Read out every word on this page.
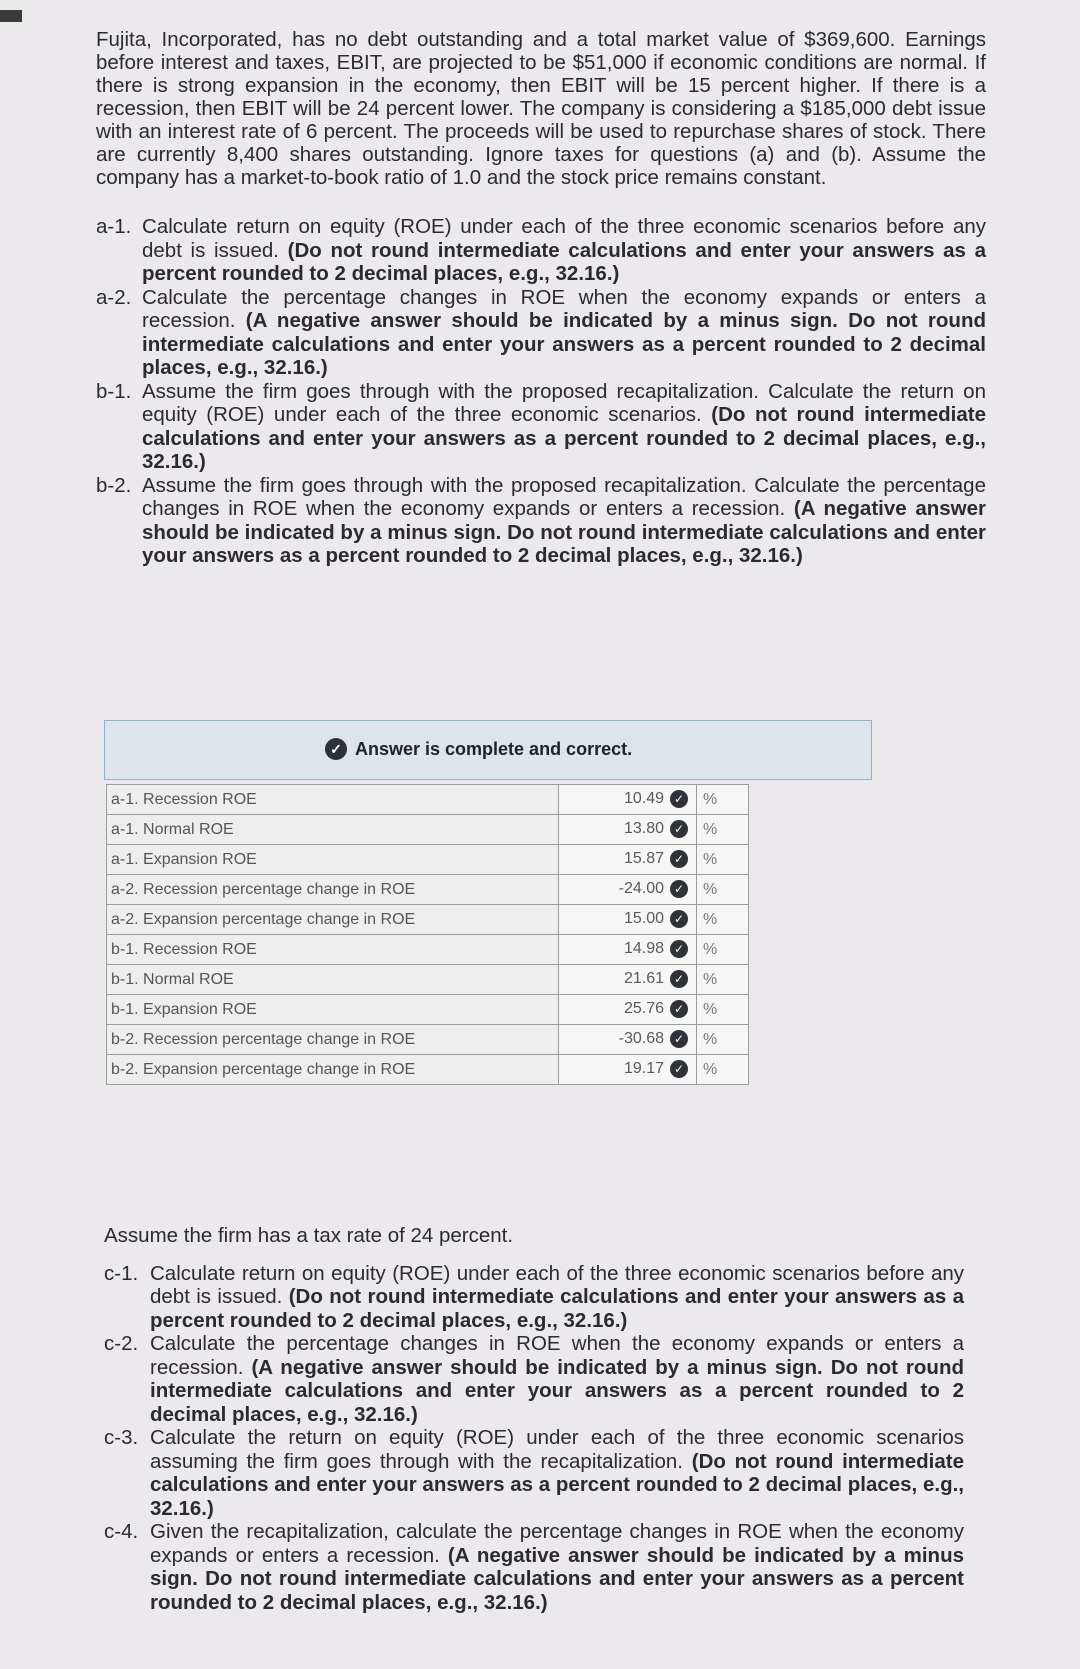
Fujita, Incorporated, has no debt outstanding and a total market value of $369,600. Earnings before interest and taxes, EBIT, are projected to be $51,000 if economic conditions are normal. If there is strong expansion in the economy, then EBIT will be 15 percent higher. If there is a recession, then EBIT will be 24 percent lower. The company is considering a $185,000 debt issue with an interest rate of 6 percent. The proceeds will be used to repurchase shares of stock. There are currently 8,400 shares outstanding. Ignore taxes for questions (a) and (b). Assume the company has a market-to-book ratio of 1.0 and the stock price remains constant.

a-1. Calculate return on equity (ROE) under each of the three economic scenarios before any debt is issued. (Do not round intermediate calculations and enter your answers as a percent rounded to 2 decimal places, e.g., 32.16.)
a-2. Calculate the percentage changes in ROE when the economy expands or enters a recession. (A negative answer should be indicated by a minus sign. Do not round intermediate calculations and enter your answers as a percent rounded to 2 decimal places, e.g., 32.16.)
b-1. Assume the firm goes through with the proposed recapitalization. Calculate the return on equity (ROE) under each of the three economic scenarios. (Do not round intermediate calculations and enter your answers as a percent rounded to 2 decimal places, e.g., 32.16.)
b-2. Assume the firm goes through with the proposed recapitalization. Calculate the percentage changes in ROE when the economy expands or enters a recession. (A negative answer should be indicated by a minus sign. Do not round intermediate calculations and enter your answers as a percent rounded to 2 decimal places, e.g., 32.16.)
✓ Answer is complete and correct.
a-1. Recession ROE	10.49 ✓	%
a-1. Normal ROE	13.80 ✓	%
a-1. Expansion ROE	15.87 ✓	%
a-2. Recession percentage change in ROE	-24.00 ✓	%
a-2. Expansion percentage change in ROE	15.00 ✓	%
b-1. Recession ROE	14.98 ✓	%
b-1. Normal ROE	21.61 ✓	%
b-1. Expansion ROE	25.76 ✓	%
b-2. Recession percentage change in ROE	-30.68 ✓	%
b-2. Expansion percentage change in ROE	19.17 ✓	%

Assume the firm has a tax rate of 24 percent.

c-1. Calculate return on equity (ROE) under each of the three economic scenarios before any debt is issued. (Do not round intermediate calculations and enter your answers as a percent rounded to 2 decimal places, e.g., 32.16.)
c-2. Calculate the percentage changes in ROE when the economy expands or enters a recession. (A negative answer should be indicated by a minus sign. Do not round intermediate calculations and enter your answers as a percent rounded to 2 decimal places, e.g., 32.16.)
c-3. Calculate the return on equity (ROE) under each of the three economic scenarios assuming the firm goes through with the recapitalization. (Do not round intermediate calculations and enter your answers as a percent rounded to 2 decimal places, e.g., 32.16.)
c-4. Given the recapitalization, calculate the percentage changes in ROE when the economy expands or enters a recession. (A negative answer should be indicated by a minus sign. Do not round intermediate calculations and enter your answers as a percent rounded to 2 decimal places, e.g., 32.16.)
